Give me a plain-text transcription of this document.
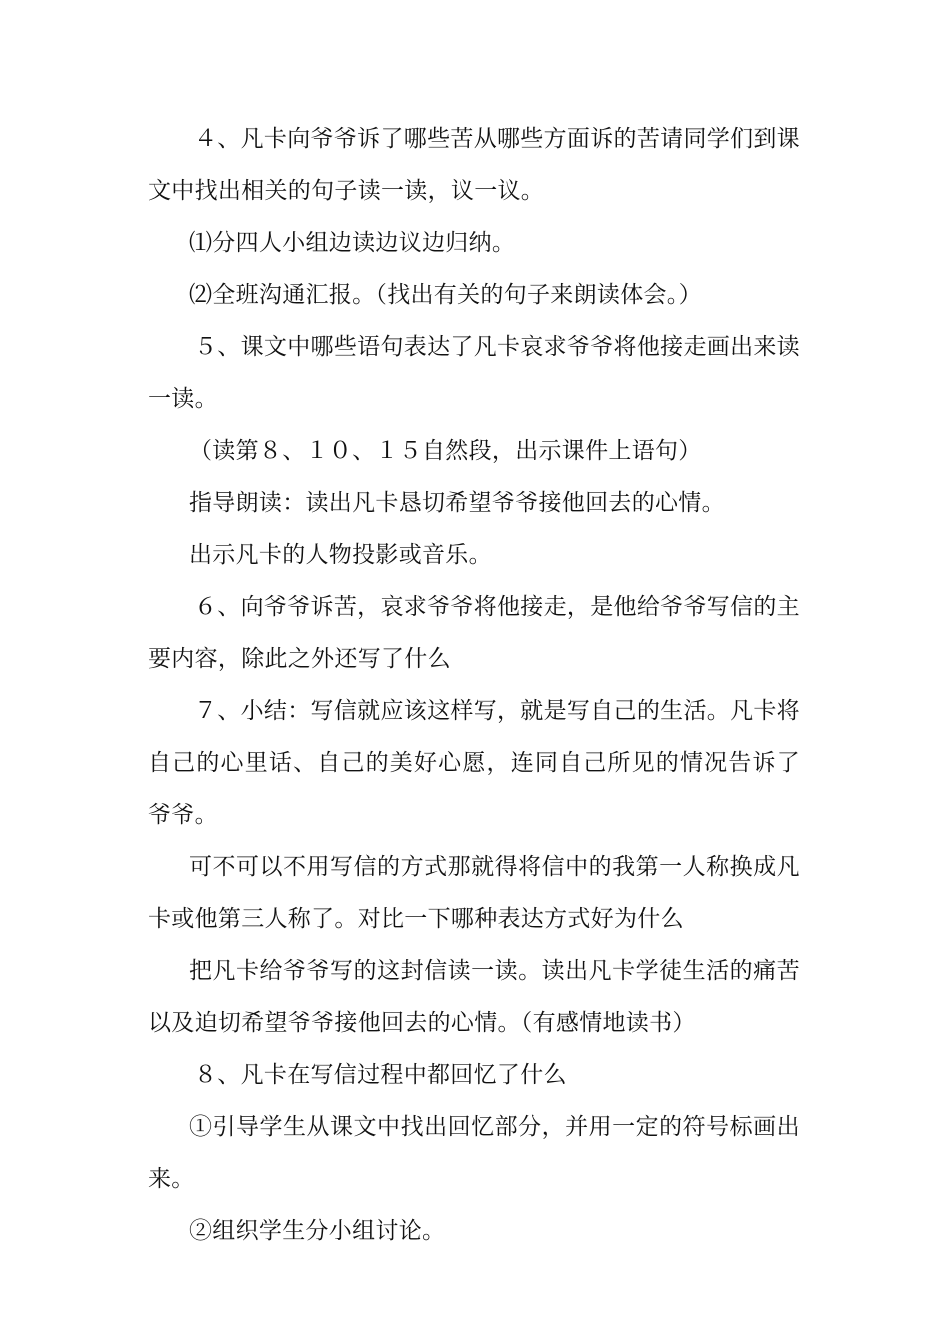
４、凡卡向爷爷诉了哪些苦从哪些方面诉的苦请同学们到课文中找出相关的句子读一读，议一议。

⑴分四人小组边读边议边归纳。

⑵全班沟通汇报。（找出有关的句子来朗读体会。）

５、课文中哪些语句表达了凡卡哀求爷爷将他接走画出来读一读。

（读第８、１０、１５自然段，出示课件上语句）

指导朗读：读出凡卡恳切希望爷爷接他回去的心情。

出示凡卡的人物投影或音乐。

６、向爷爷诉苦，哀求爷爷将他接走，是他给爷爷写信的主要内容，除此之外还写了什么

７、小结：写信就应该这样写，就是写自己的生活。凡卡将自己的心里话、自己的美好心愿，连同自己所见的情况告诉了爷爷。

可不可以不用写信的方式那就得将信中的我第一人称换成凡卡或他第三人称了。对比一下哪种表达方式好为什么

把凡卡给爷爷写的这封信读一读。读出凡卡学徒生活的痛苦以及迫切希望爷爷接他回去的心情。（有感情地读书）

８、凡卡在写信过程中都回忆了什么

①引导学生从课文中找出回忆部分，并用一定的符号标画出来。

②组织学生分小组讨论。
